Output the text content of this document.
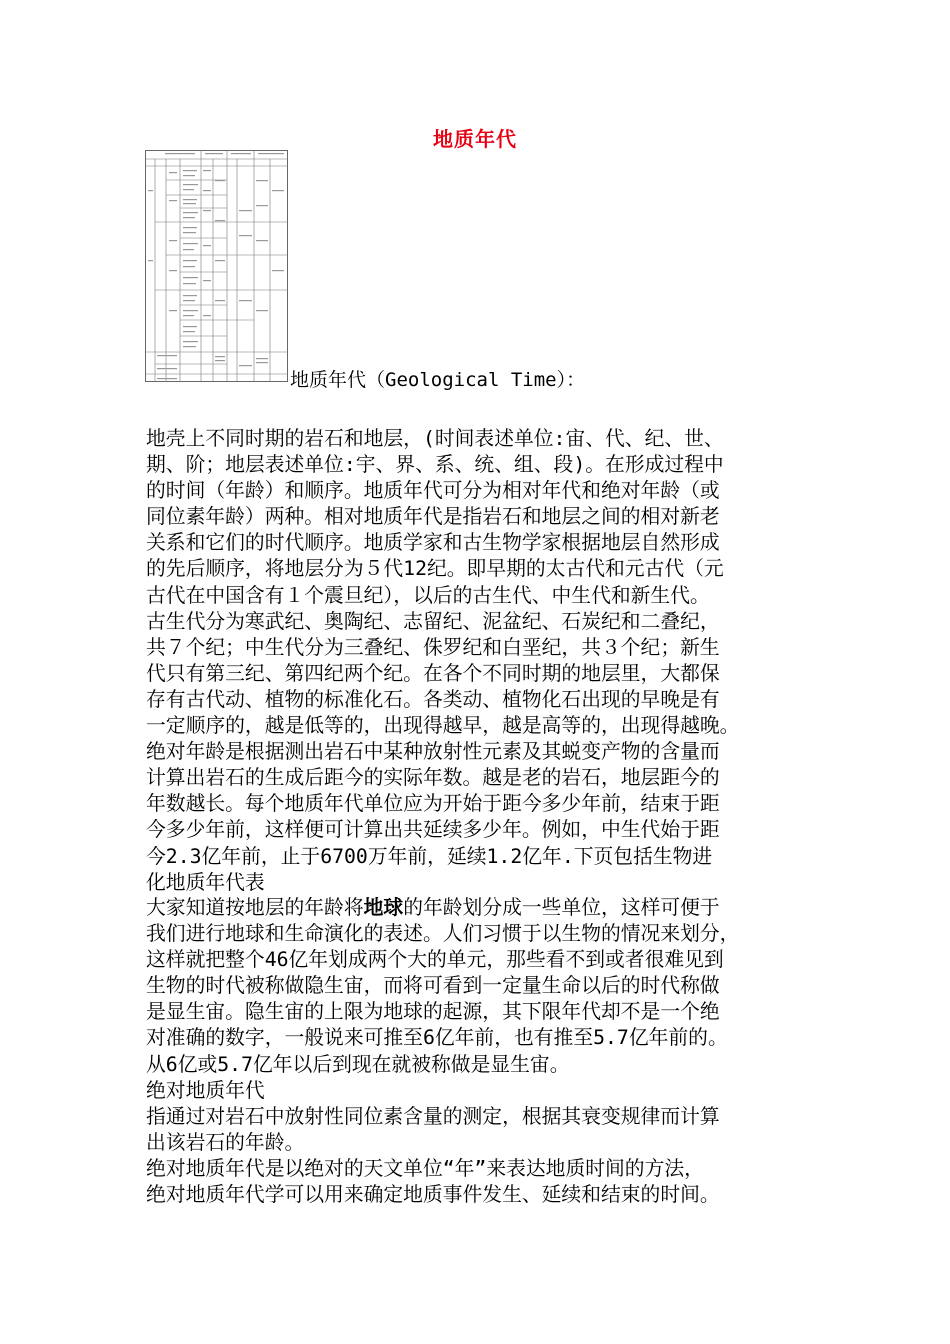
地质年代
地质年代（Geological Time）：
地壳上不同时期的岩石和地层，(时间表述单位:宙、代、纪、世、
期、阶；地层表述单位:宇、界、系、统、组、段)。在形成过程中
的时间（年龄）和顺序。地质年代可分为相对年代和绝对年龄（或
同位素年龄）两种。相对地质年代是指岩石和地层之间的相对新老
关系和它们的时代顺序。地质学家和古生物学家根据地层自然形成
的先后顺序，将地层分为５代12纪。即早期的太古代和元古代（元
古代在中国含有１个震旦纪），以后的古生代、中生代和新生代。
古生代分为寒武纪、奥陶纪、志留纪、泥盆纪、石炭纪和二叠纪，
共７个纪；中生代分为三叠纪、侏罗纪和白垩纪，共３个纪；新生
代只有第三纪、第四纪两个纪。在各个不同时期的地层里，大都保
存有古代动、植物的标准化石。各类动、植物化石出现的早晚是有
一定顺序的，越是低等的，出现得越早，越是高等的，出现得越晚。
绝对年龄是根据测出岩石中某种放射性元素及其蜕变产物的含量而
计算出岩石的生成后距今的实际年数。越是老的岩石，地层距今的
年数越长。每个地质年代单位应为开始于距今多少年前，结束于距
今多少年前，这样便可计算出共延续多少年。例如，中生代始于距
今2.3亿年前，止于6700万年前，延续1.2亿年.下页包括生物进
化地质年代表
大家知道按地层的年龄将地球的年龄划分成一些单位，这样可便于
我们进行地球和生命演化的表述。人们习惯于以生物的情况来划分，
这样就把整个46亿年划成两个大的单元，那些看不到或者很难见到
生物的时代被称做隐生宙，而将可看到一定量生命以后的时代称做
是显生宙。隐生宙的上限为地球的起源，其下限年代却不是一个绝
对准确的数字，一般说来可推至6亿年前，也有推至5.7亿年前的。
从6亿或5.7亿年以后到现在就被称做是显生宙。
绝对地质年代
指通过对岩石中放射性同位素含量的测定，根据其衰变规律而计算
出该岩石的年龄。
绝对地质年代是以绝对的天文单位“年”来表达地质时间的方法，
绝对地质年代学可以用来确定地质事件发生、延续和结束的时间。
